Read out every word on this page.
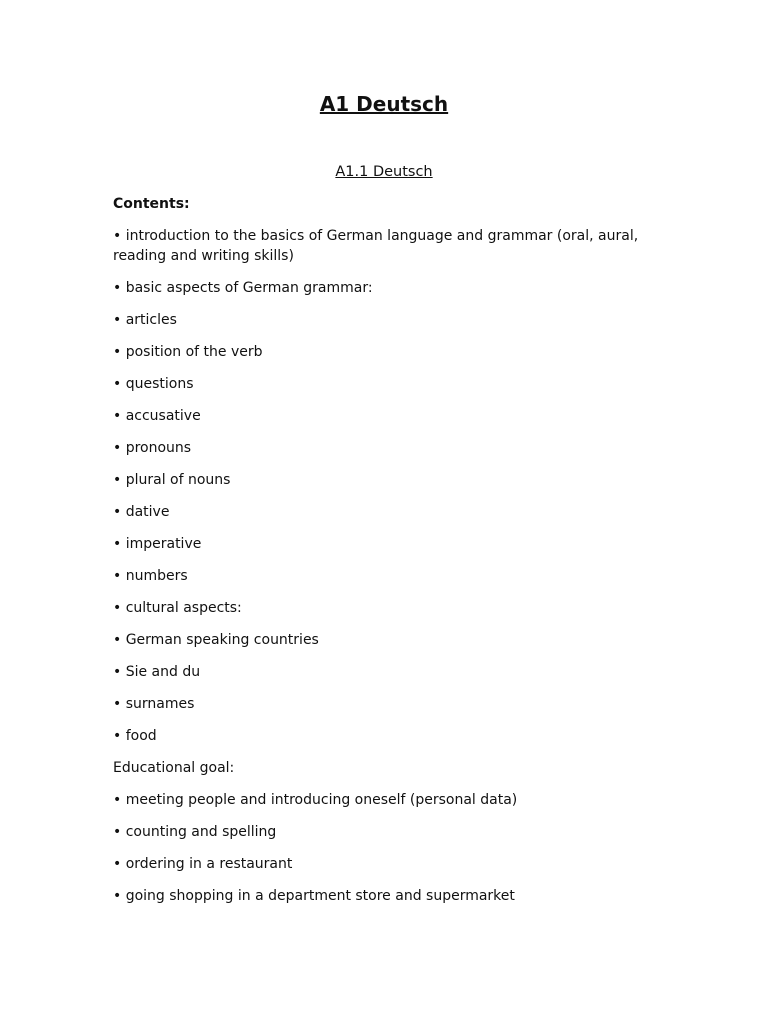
A1 Deutsch
A1.1 Deutsch
Contents:
• introduction to the basics of German language and grammar (oral, aural,
reading and writing skills)
• basic aspects of German grammar:
• articles
• position of the verb
• questions
• accusative
• pronouns
• plural of nouns
• dative
• imperative
• numbers
• cultural aspects:
• German speaking countries
• Sie and du
• surnames
• food
Educational goal:
• meeting people and introducing oneself (personal data)
• counting and spelling
• ordering in a restaurant
• going shopping in a department store and supermarket
